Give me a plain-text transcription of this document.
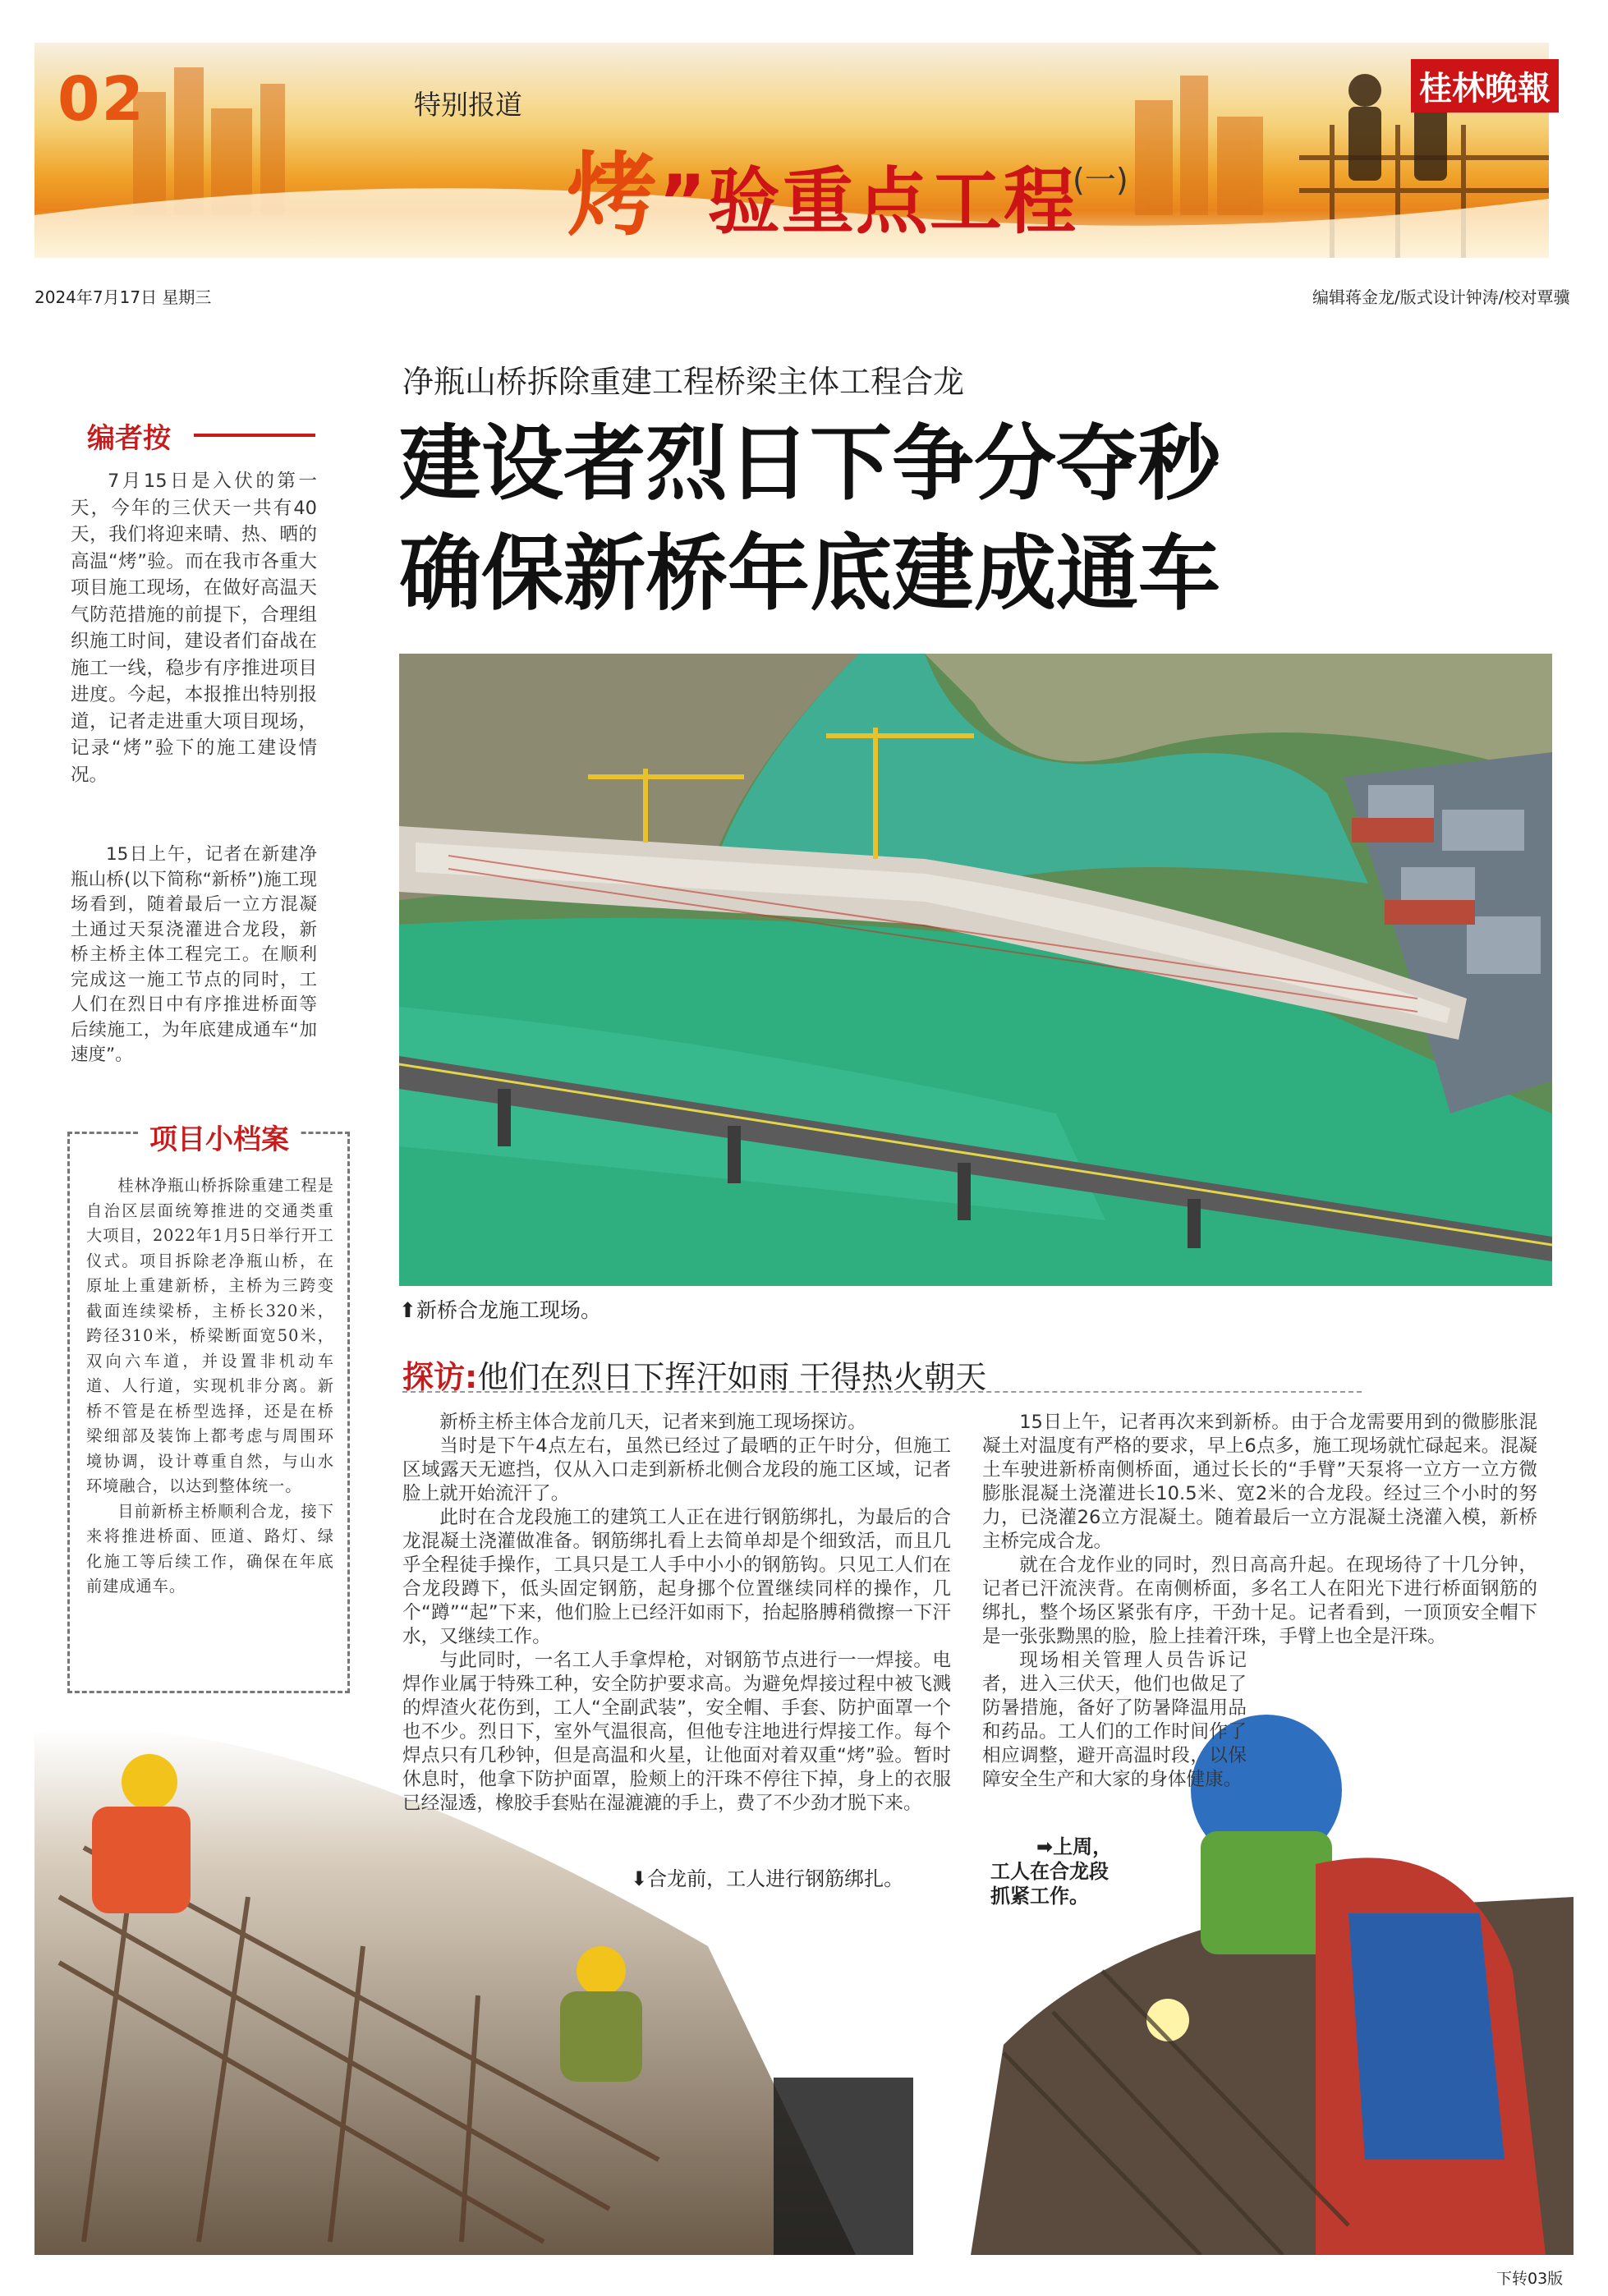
02	特别报道
烤”验重点工程
(一)
桂林晚報
2024年7月17日 星期三	编辑蒋金龙/版式设计钟涛/校对覃骥
编者按

7月15日是入伏的第一天，今年的三伏天一共有40天，我们将迎来晴、热、晒的高温“烤”验。而在我市各重大项目施工现场，在做好高温天气防范措施的前提下，合理组织施工时间，建设者们奋战在施工一线，稳步有序推进项目进度。今起，本报推出特别报道，记者走进重大项目现场，记录“烤”验下的施工建设情况。

15日上午，记者在新建净瓶山桥(以下简称“新桥”)施工现场看到，随着最后一立方混凝土通过天泵浇灌进合龙段，新桥主桥主体工程完工。在顺利完成这一施工节点的同时，工人们在烈日中有序推进桥面等后续施工，为年底建成通车“加速度”。

桂林净瓶山桥拆除重建工程是自治区层面统筹推进的交通类重大项目，2022年1月5日举行开工仪式。项目拆除老净瓶山桥，在原址上重建新桥，主桥为三跨变截面连续梁桥，主桥长320米，跨径310米，桥梁断面宽50米，双向六车道，并设置非机动车道、人行道，实现机非分离。新桥不管是在桥型选择，还是在桥梁细部及装饰上都考虑与周围环境协调，设计尊重自然，与山水环境融合，以达到整体统一。

目前新桥主桥顺利合龙，接下来将推进桥面、匝道、路灯、绿化施工等后续工作，确保在年底前建成通车。

项目小档案
净瓶山桥拆除重建工程桥梁主体工程合龙
建设者烈日下争分夺秒
确保新桥年底建成通车
⬆新桥合龙施工现场。
探访:他们在烈日下挥汗如雨 干得热火朝天

新桥主桥主体合龙前几天，记者来到施工现场探访。

当时是下午4点左右，虽然已经过了最晒的正午时分，但施工区域露天无遮挡，仅从入口走到新桥北侧合龙段的施工区域，记者脸上就开始流汗了。

此时在合龙段施工的建筑工人正在进行钢筋绑扎，为最后的合龙混凝土浇灌做准备。钢筋绑扎看上去简单却是个细致活，而且几乎全程徒手操作，工具只是工人手中小小的钢筋钩。只见工人们在合龙段蹲下，低头固定钢筋，起身挪个位置继续同样的操作，几个“蹲”“起”下来，他们脸上已经汗如雨下，抬起胳膊稍微擦一下汗水，又继续工作。

与此同时，一名工人手拿焊枪，对钢筋节点进行一一焊接。电焊作业属于特殊工种，安全防护要求高。为避免焊接过程中被飞溅的焊渣火花伤到，工人“全副武装”，安全帽、手套、防护面罩一个也不少。烈日下，室外气温很高，但他专注地进行焊接工作。每个焊点只有几秒钟，但是高温和火星，让他面对着双重“烤”验。暂时休息时，他拿下防护面罩，脸颊上的汗珠不停往下掉，身上的衣服已经湿透，橡胶手套贴在湿漉漉的手上，费了不少劲才脱下来。

15日上午，记者再次来到新桥。由于合龙需要用到的微膨胀混凝土对温度有严格的要求，早上6点多，施工现场就忙碌起来。混凝土车驶进新桥南侧桥面，通过长长的“手臂”天泵将一立方一立方微膨胀混凝土浇灌进长10.5米、宽2米的合龙段。经过三个小时的努力，已浇灌26立方混凝土。随着最后一立方混凝土浇灌入模，新桥主桥完成合龙。

就在合龙作业的同时，烈日高高升起。在现场待了十几分钟，记者已汗流浃背。在南侧桥面，多名工人在阳光下进行桥面钢筋的绑扎，整个场区紧张有序，干劲十足。记者看到，一顶顶安全帽下是一张张黝黑的脸，脸上挂着汗珠，手臂上也全是汗珠。

现场相关管理人员告诉记者，进入三伏天，他们也做足了防暑措施，备好了防暑降温用品和药品。工人们的工作时间作了相应调整，避开高温时段，以保障安全生产和大家的身体健康。

⬇合龙前，工人进行钢筋绑扎。
➡上周，
工人在合龙段
抓紧工作。
下转03版
